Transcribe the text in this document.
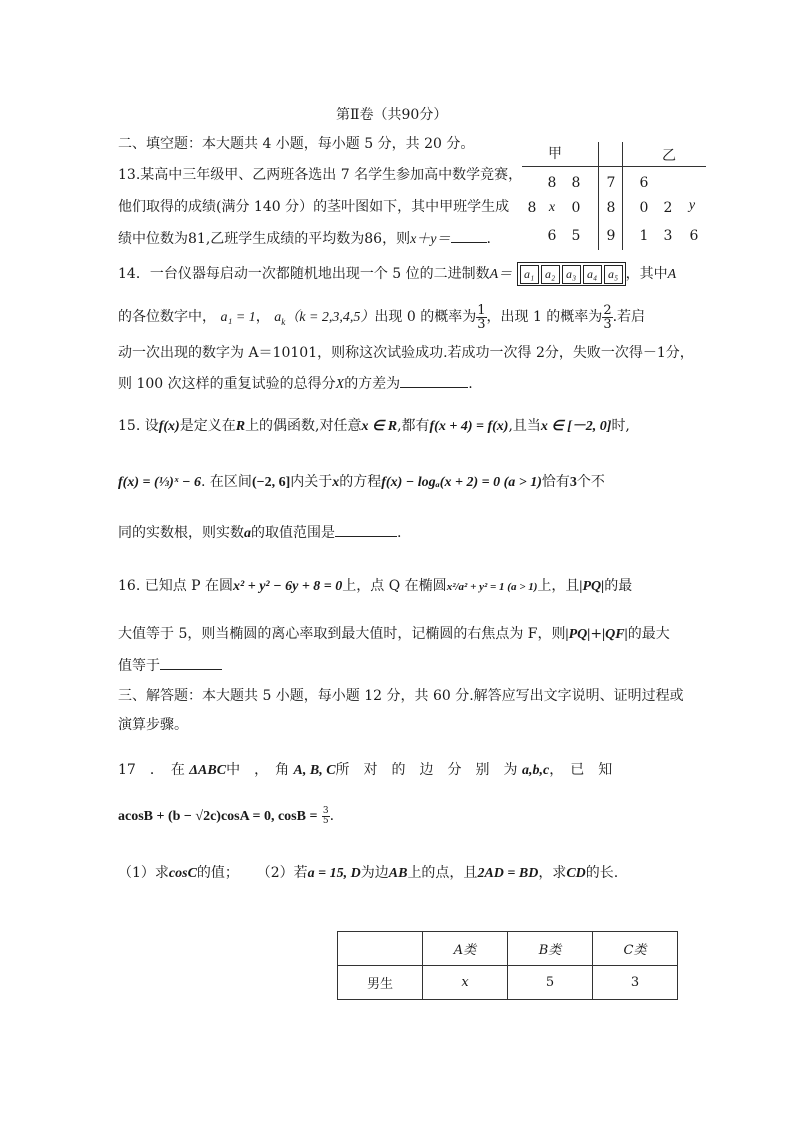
第Ⅱ卷（共90分）
二、填空题：本大题共 4 小题，每小题 5 分，共 20 分。
13.某高中三年级甲、乙两班各选出 7 名学生参加高中数学竞赛，
他们取得的成绩(满分 140 分）的茎叶图如下，其中甲班学生成
绩中位数为81,乙班学生成绩的平均数为86，则x＋y＝	.
甲	乙
8	8	7	6
8 x	0	8	0	2	y
6	5	9	1	3	6
14．一台仪器每启动一次都随机地出现一个 5 位的二进制数A＝ a₁ a₂ a₃ a₄ a₅ ，其中A
的各位数字中， a₁ = 1， $a_k(k = 2,3,4,5)$出现 0 的概率为 $\frac{1}{3}$ ，出现 1 的概率为 $\frac{2}{3}$ .若启
动一次出现的数字为 A＝10101，则称这次试验成功.若成功一次得 2分，失败一次得－1分，
则 100 次这样的重复试验的总得分X的方差为	.
15. 设f(x)是定义在R上的偶函数,对任意x ∈ R,都有f(x + 4) = f(x),且当x ∈ [－2, 0]时,
f(x) = (⅓)ˣ − 6. 在区间(−2, 6]内关于x的方程f(x) − logₐ(x + 2) = 0 (a > 1)恰有3个不
同的实数根，则实数a的取值范围是	.
16. 已知点 P 在圆x² + y² − 6y + 8 = 0上，点 Q 在椭圆x²/a² + y² = 1 (a > 1)上，且|PQ|的最
大值等于 5，则当椭圆的离心率取到最大值时，记椭圆的右焦点为 F，则|PQ|+|QF|的最大
值等于
三、解答题：本大题共 5 小题，每小题 12 分，共 60 分.解答应写出文字说明、证明过程或
演算步骤。
17　．　在 ΔABC中　，　角 A, B, C所　对　的　边　分　别　为 a,b,c，　已　知
acosB + (b − √2c)cosA = 0, $\cos B = \frac{3}{5}$ .
（1）求cosC的值； （2）若a = 15, D为边AB上的点，且2AD = BD，求CD的长.
	A类	B类	C类
男生	x	5	3
